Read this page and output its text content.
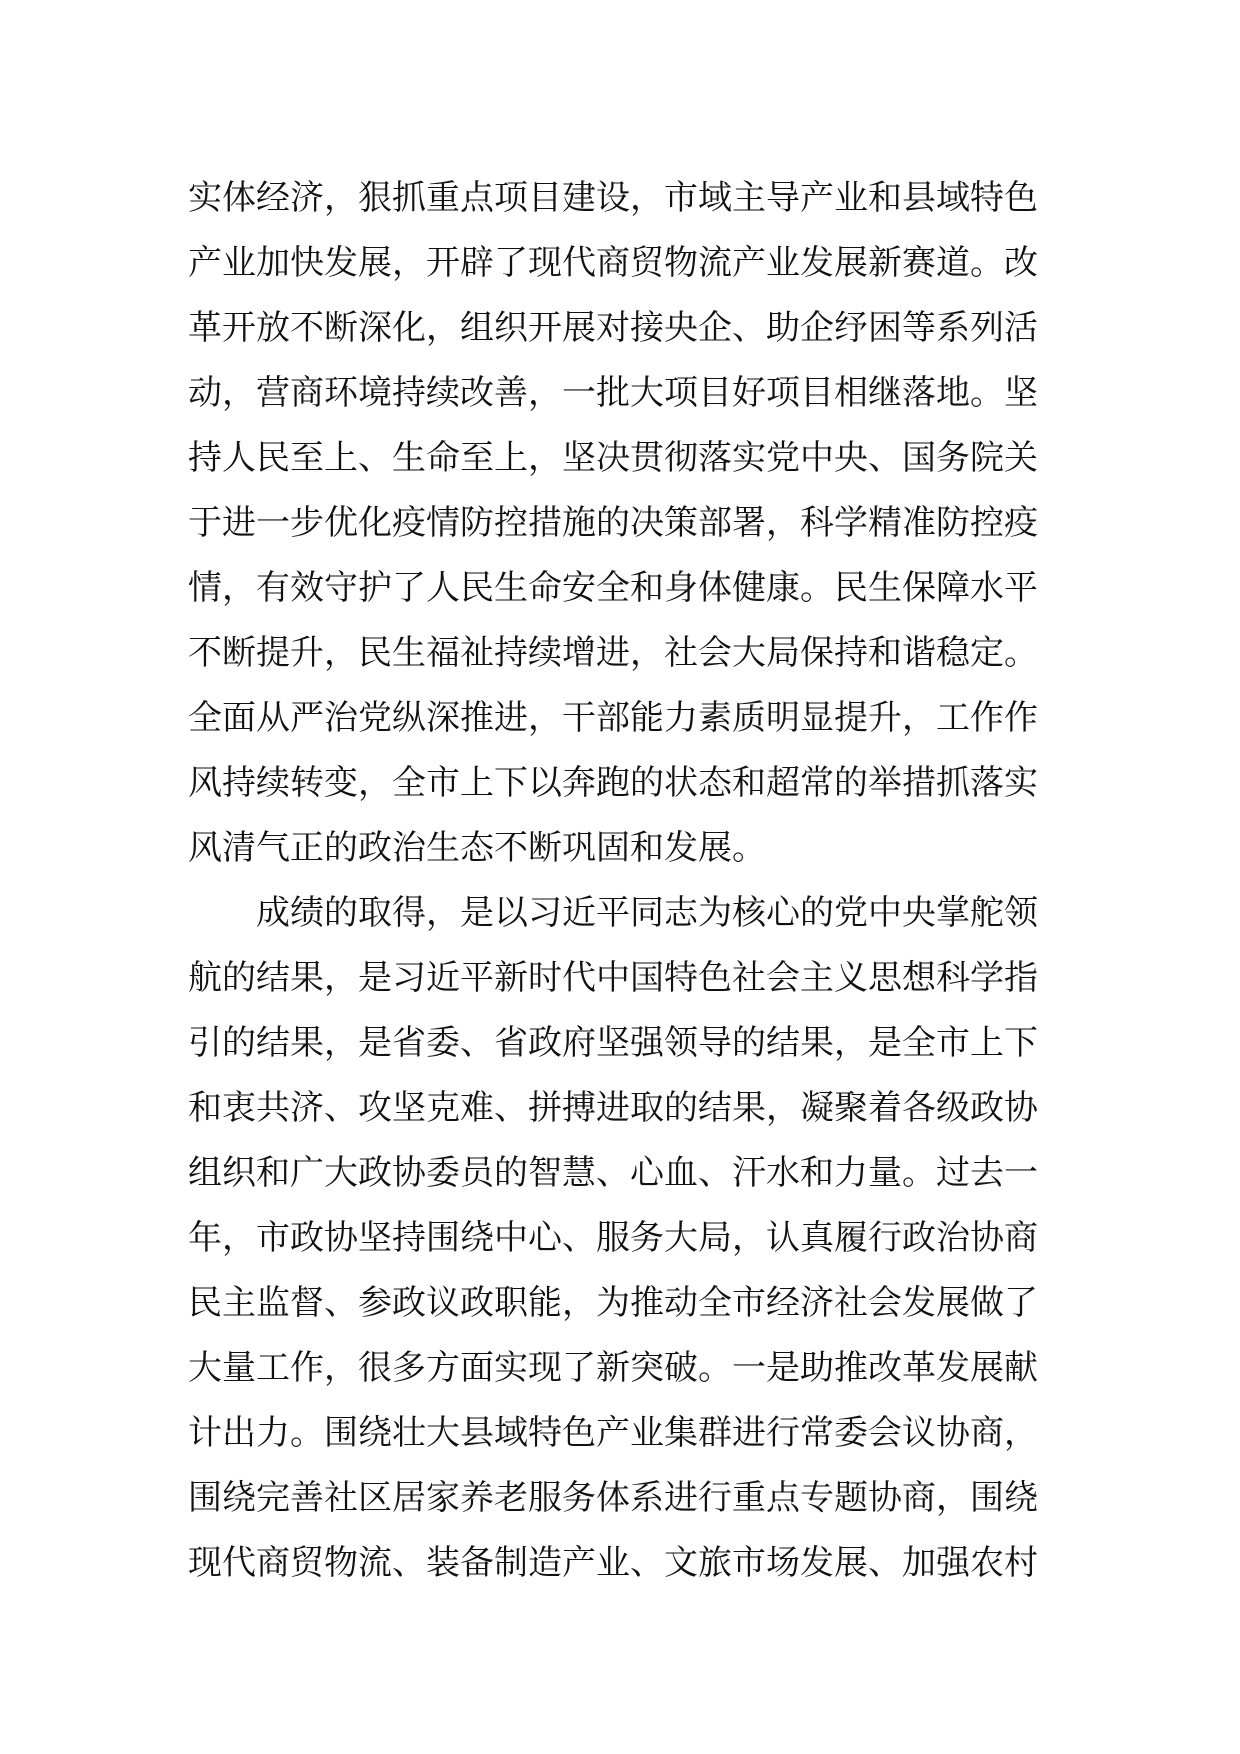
实体经济，狠抓重点项目建设，市域主导产业和县域特色
产业加快发展，开辟了现代商贸物流产业发展新赛道。改
革开放不断深化，组织开展对接央企、助企纾困等系列活
动，营商环境持续改善，一批大项目好项目相继落地。坚
持人民至上、生命至上，坚决贯彻落实党中央、国务院关
于进一步优化疫情防控措施的决策部署，科学精准防控疫
情，有效守护了人民生命安全和身体健康。民生保障水平
不断提升，民生福祉持续增进，社会大局保持和谐稳定。
全面从严治党纵深推进，干部能力素质明显提升，工作作
风持续转变，全市上下以奔跑的状态和超常的举措抓落实
风清气正的政治生态不断巩固和发展。
　　成绩的取得，是以习近平同志为核心的党中央掌舵领
航的结果，是习近平新时代中国特色社会主义思想科学指
引的结果，是省委、省政府坚强领导的结果，是全市上下
和衷共济、攻坚克难、拼搏进取的结果，凝聚着各级政协
组织和广大政协委员的智慧、心血、汗水和力量。过去一
年，市政协坚持围绕中心、服务大局，认真履行政治协商
民主监督、参政议政职能，为推动全市经济社会发展做了
大量工作，很多方面实现了新突破。一是助推改革发展献
计出力。围绕壮大县域特色产业集群进行常委会议协商，
围绕完善社区居家养老服务体系进行重点专题协商，围绕
现代商贸物流、装备制造产业、文旅市场发展、加强农村
